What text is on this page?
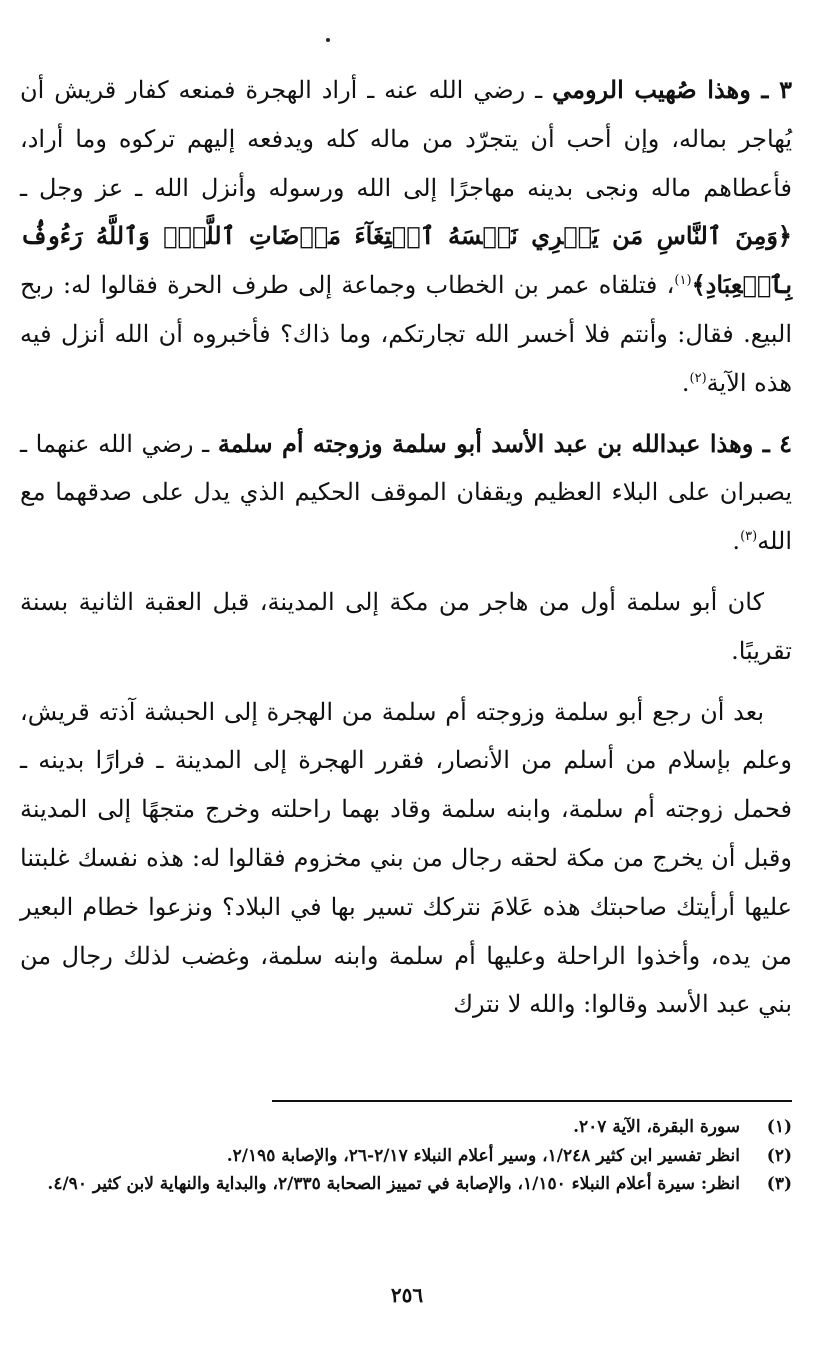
٣ ـ وهذا صُهيب الرومي ـ رضي الله عنه ـ أراد الهجرة فمنعه كفار قريش أن يُهاجر بماله، وإن أحب أن يتجرّد من ماله كله ويدفعه إليهم تركوه وما أراد، فأعطاهم ماله ونجى بدينه مهاجرًا إلى الله ورسوله وأنزل الله ـ عز وجل ـ ﴿وَمِنَ ٱلنَّاسِ مَن يَشۡرِي نَفۡسَهُ ٱبۡتِغَآءَ مَرۡضَاتِ ٱللَّهِۗ وَٱللَّهُ رَءُوفُۢ بِٱلۡعِبَادِ﴾$^{(١)}$، فتلقاه عمر بن الخطاب وجماعة إلى طرف الحرة فقالوا له: ربح البيع. فقال: وأنتم فلا أخسر الله تجارتكم، وما ذاك؟ فأخبروه أن الله أنزل فيه هذه الآية$^{(٢)}$.

٤ ـ وهذا عبدالله بن عبد الأسد أبو سلمة وزوجته أم سلمة ـ رضي الله عنهما ـ يصبران على البلاء العظيم ويقفان الموقف الحكيم الذي يدل على صدقهما مع الله$^{(٣)}$.

كان أبو سلمة أول من هاجر من مكة إلى المدينة، قبل العقبة الثانية بسنة تقريبًا.

بعد أن رجع أبو سلمة وزوجته أم سلمة من الهجرة إلى الحبشة آذته قريش، وعلم بإسلام من أسلم من الأنصار، فقرر الهجرة إلى المدينة ـ فرارًا بدينه ـ فحمل زوجته أم سلمة، وابنه سلمة وقاد بهما راحلته وخرج متجهًا إلى المدينة وقبل أن يخرج من مكة لحقه رجال من بني مخزوم فقالوا له: هذه نفسك غلبتنا عليها أرأيتك صاحبتك هذه عَلامَ نتركك تسير بها في البلاد؟ ونزعوا خطام البعير من يده، وأخذوا الراحلة وعليها أم سلمة وابنه سلمة، وغضب لذلك رجال من بني عبد الأسد وقالوا: والله لا نترك

(١)
سورة البقرة، الآية ٢٠٧.
(٢)
انظر تفسير ابن كثير ١/٢٤٨، وسير أعلام النبلاء ٢/١٧-٢٦، والإصابة ٢/١٩٥.
(٣)
انظر: سيرة أعلام النبلاء ١/١٥٠، والإصابة في تمييز الصحابة ٢/٣٣٥، والبداية والنهاية لابن كثير ٤/٩٠.
٢٥٦
